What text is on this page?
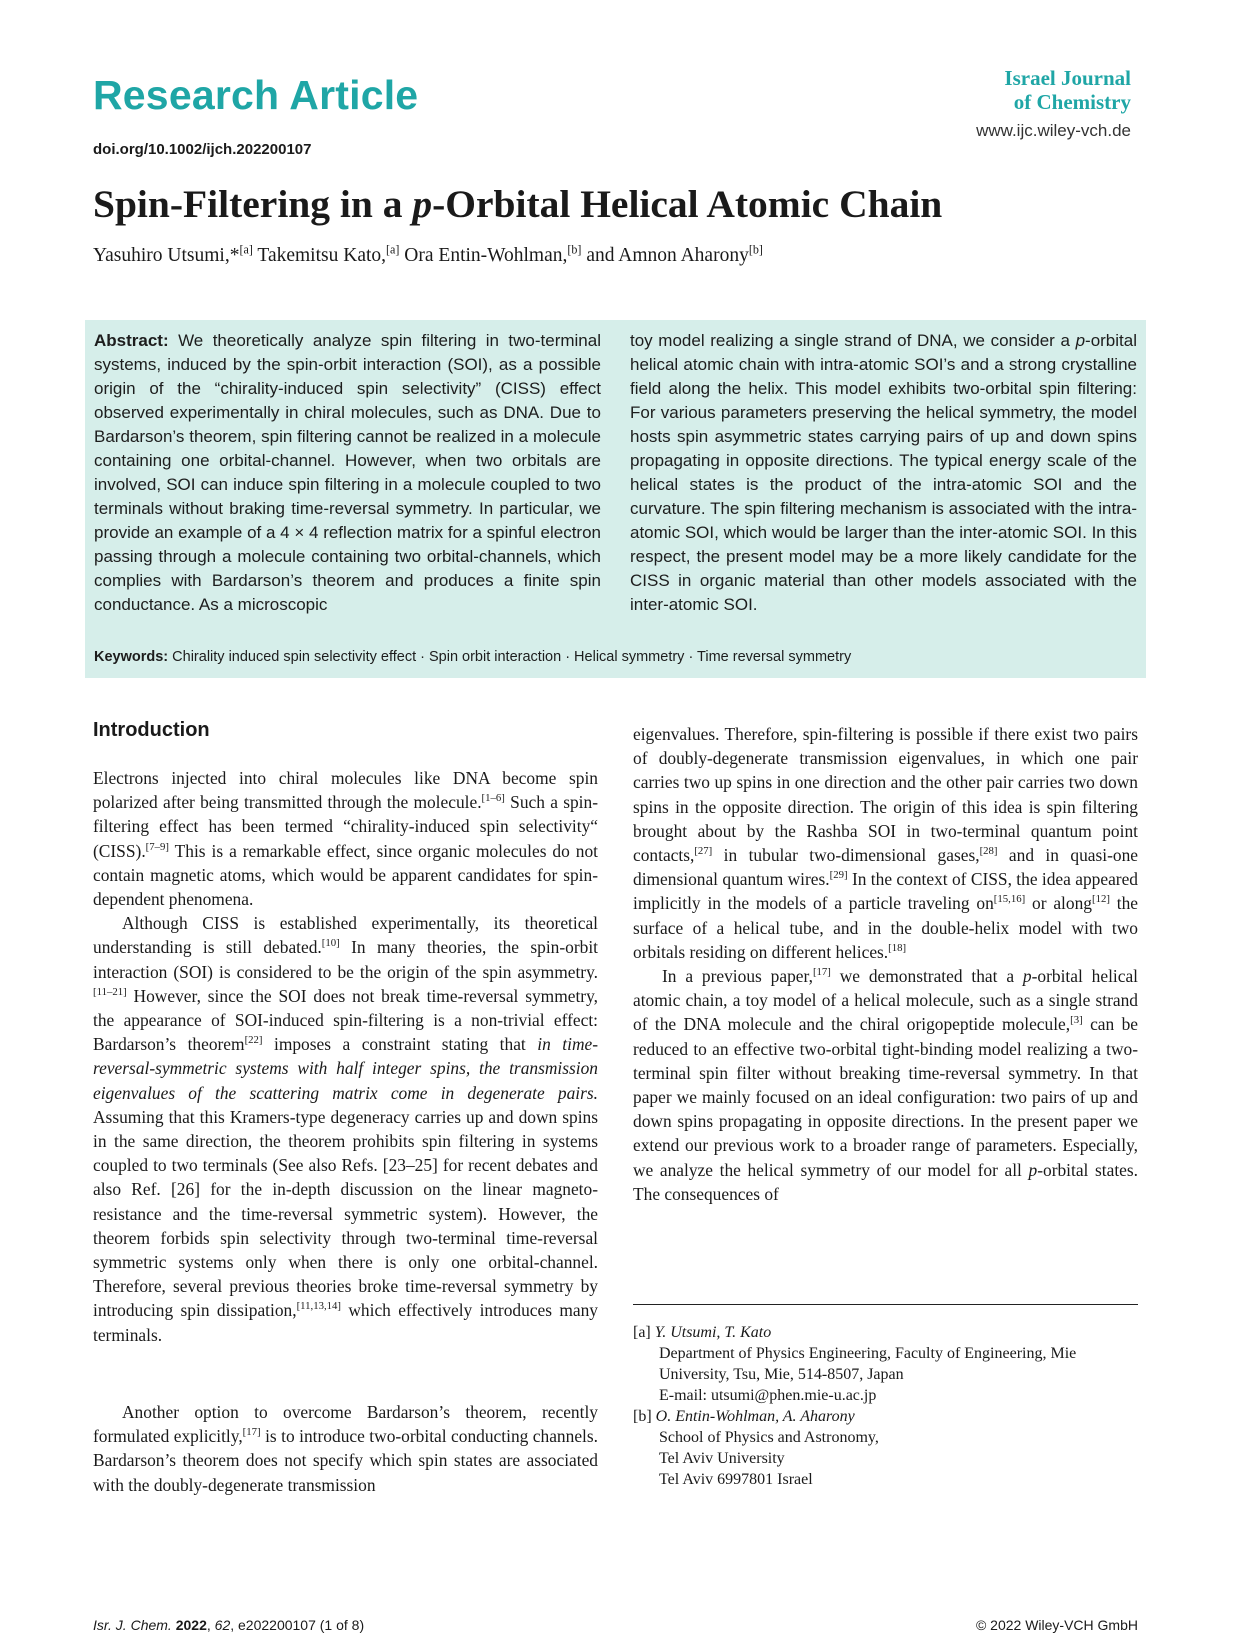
Research Article
doi.org/10.1002/ijch.202200107
Israel Journal
of Chemistry
www.ijc.wiley-vch.de
Spin-Filtering in a p-Orbital Helical Atomic Chain
Yasuhiro Utsumi,*[a] Takemitsu Kato,[a] Ora Entin-Wohlman,[b] and Amnon Aharony[b]
Abstract: We theoretically analyze spin filtering in two-terminal systems, induced by the spin-orbit interaction (SOI), as a possible origin of the “chirality-induced spin selectivity” (CISS) effect observed experimentally in chiral molecules, such as DNA. Due to Bardarson’s theorem, spin filtering cannot be realized in a molecule containing one orbital-channel. However, when two orbitals are involved, SOI can induce spin filtering in a molecule coupled to two terminals without braking time-reversal symmetry. In particular, we provide an example of a 4 × 4 reflection matrix for a spinful electron passing through a molecule containing two orbital-channels, which complies with Bardarson’s theorem and produces a finite spin conductance. As a microscopic
toy model realizing a single strand of DNA, we consider a p-orbital helical atomic chain with intra-atomic SOI’s and a strong crystalline field along the helix. This model exhibits two-orbital spin filtering: For various parameters preserving the helical symmetry, the model hosts spin asymmetric states carrying pairs of up and down spins propagating in opposite directions. The typical energy scale of the helical states is the product of the intra-atomic SOI and the curvature. The spin filtering mechanism is associated with the intra-atomic SOI, which would be larger than the inter-atomic SOI. In this respect, the present model may be a more likely candidate for the CISS in organic material than other models associated with the inter-atomic SOI.
Keywords: Chirality induced spin selectivity effect · Spin orbit interaction · Helical symmetry · Time reversal symmetry
Introduction

Electrons injected into chiral molecules like DNA become spin polarized after being transmitted through the molecule.[1–6] Such a spin-filtering effect has been termed “chirality-induced spin selectivity“ (CISS).[7–9] This is a remarkable effect, since organic molecules do not contain magnetic atoms, which would be apparent candidates for spin-dependent phenomena.

Although CISS is established experimentally, its theoretical understanding is still debated.[10] In many theories, the spin-orbit interaction (SOI) is considered to be the origin of the spin asymmetry.[11–21] However, since the SOI does not break time-reversal symmetry, the appearance of SOI-induced spin-filtering is a non-trivial effect: Bardarson’s theorem[22] imposes a constraint stating that in time-reversal-symmetric systems with half integer spins, the transmission eigenvalues of the scattering matrix come in degenerate pairs. Assuming that this Kramers-type degeneracy carries up and down spins in the same direction, the theorem prohibits spin filtering in systems coupled to two terminals (See also Refs. [23–25] for recent debates and also Ref. [26] for the in-depth discussion on the linear magneto-resistance and the time-reversal symmetric system). However, the theorem forbids spin selectivity through two-terminal time-reversal symmetric systems only when there is only one orbital-channel. Therefore, several previous theories broke time-reversal symmetry by introducing spin dissipation,[11,13,14] which effectively introduces many terminals.

Another option to overcome Bardarson’s theorem, recently formulated explicitly,[17] is to introduce two-orbital conducting channels. Bardarson’s theorem does not specify which spin states are associated with the doubly-degenerate transmission

eigenvalues. Therefore, spin-filtering is possible if there exist two pairs of doubly-degenerate transmission eigenvalues, in which one pair carries two up spins in one direction and the other pair carries two down spins in the opposite direction. The origin of this idea is spin filtering brought about by the Rashba SOI in two-terminal quantum point contacts,[27] in tubular two-dimensional gases,[28] and in quasi-one dimensional quantum wires.[29] In the context of CISS, the idea appeared implicitly in the models of a particle traveling on[15,16] or along[12] the surface of a helical tube, and in the double-helix model with two orbitals residing on different helices.[18]

In a previous paper,[17] we demonstrated that a p-orbital helical atomic chain, a toy model of a helical molecule, such as a single strand of the DNA molecule and the chiral origopeptide molecule,[3] can be reduced to an effective two-orbital tight-binding model realizing a two-terminal spin filter without breaking time-reversal symmetry. In that paper we mainly focused on an ideal configuration: two pairs of up and down spins propagating in opposite directions. In the present paper we extend our previous work to a broader range of parameters. Especially, we analyze the helical symmetry of our model for all p-orbital states. The consequences of

[a] Y. Utsumi, T. Kato
Department of Physics Engineering, Faculty of Engineering, Mie
University, Tsu, Mie, 514-8507, Japan
E-mail: utsumi@phen.mie-u.ac.jp
[b] O. Entin-Wohlman, A. Aharony
School of Physics and Astronomy,
Tel Aviv University
Tel Aviv 6997801 Israel
Isr. J. Chem. 2022, 62, e202200107 (1 of 8)	© 2022 Wiley-VCH GmbH
